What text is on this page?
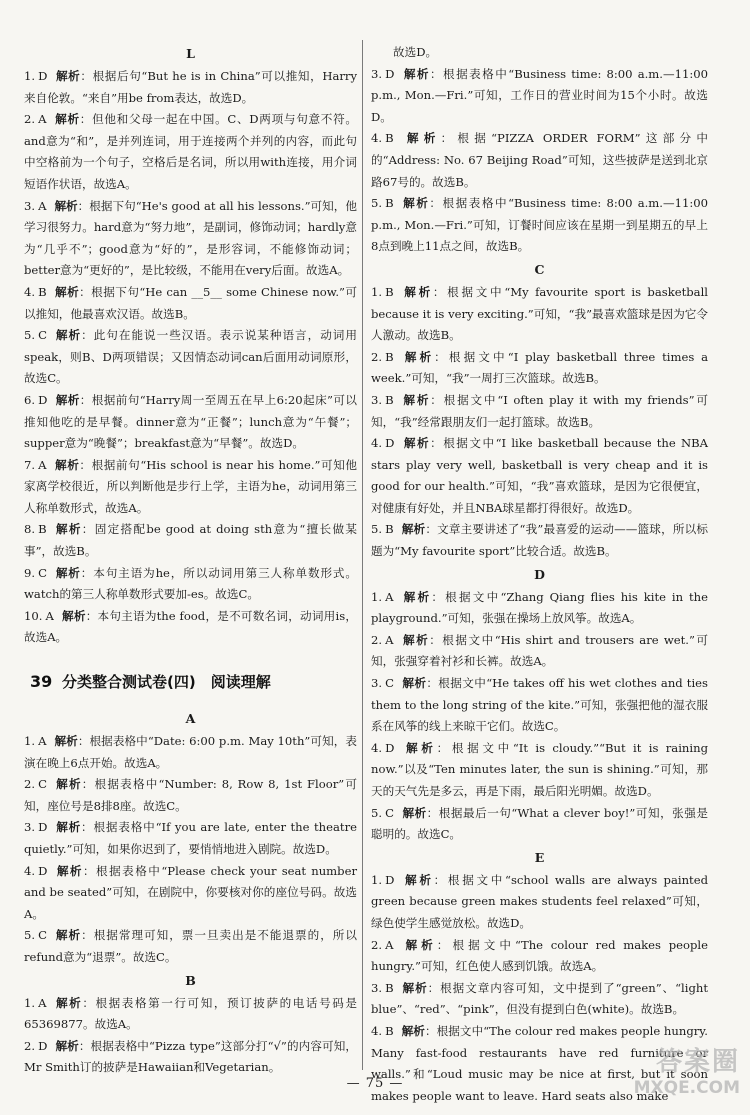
L

1. D 解析：根据后句“But he is in China”可以推知，Harry来自伦敦。“来自”用be from表达，故选D。

2. A 解析：但他和父母一起在中国。C、D两项与句意不符。and意为“和”，是并列连词，用于连接两个并列的内容，而此句中空格前为一个句子，空格后是名词，所以用with连接，用介词短语作状语，故选A。

3. A 解析：根据下句“He's good at all his lessons.”可知，他学习很努力。hard意为“努力地”，是副词，修饰动词；hardly意为“几乎不”；good意为“好的”，是形容词，不能修饰动词；better意为“更好的”，是比较级，不能用在very后面。故选A。

4. B 解析：根据下句“He can __5__ some Chinese now.”可以推知，他最喜欢汉语。故选B。

5. C 解析：此句在能说一些汉语。表示说某种语言，动词用speak，则B、D两项错误；又因情态动词can后面用动词原形，故选C。

6. D 解析：根据前句“Harry周一至周五在早上6:20起床”可以推知他吃的是早餐。dinner意为“正餐”；lunch意为“午餐”；supper意为“晚餐”；breakfast意为“早餐”。故选D。

7. A 解析：根据前句“His school is near his home.”可知他家离学校很近，所以判断他是步行上学，主语为he，动词用第三人称单数形式，故选A。

8. B 解析：固定搭配be good at doing sth意为“擅长做某事”，故选B。

9. C 解析：本句主语为he，所以动词用第三人称单数形式。watch的第三人称单数形式要加-es。故选C。

10. A 解析：本句主语为the food，是不可数名词，动词用is，故选A。

39 分类整合测试卷(四)　阅读理解
A

1. A 解析：根据表格中“Date: 6:00 p.m. May 10th”可知，表演在晚上6点开始。故选A。

2. C 解析：根据表格中“Number: 8, Row 8, 1st Floor”可知，座位号是8排8座。故选C。

3. D 解析：根据表格中“If you are late, enter the theatre quietly.”可知，如果你迟到了，要悄悄地进入剧院。故选D。

4. D 解析：根据表格中“Please check your seat number and be seated”可知，在剧院中，你要核对你的座位号码。故选A。

5. C 解析：根据常理可知，票一旦卖出是不能退票的，所以refund意为“退票”。故选C。

B

1. A 解析：根据表格第一行可知，预订披萨的电话号码是65369877。故选A。

2. D 解析：根据表格中“Pizza type”这部分打“√”的内容可知，Mr Smith订的披萨是Hawaiian和Vegetarian。

故选D。

3. D 解析：根据表格中“Business time: 8:00 a.m.—11:00 p.m., Mon.—Fri.”可知，工作日的营业时间为15个小时。故选D。

4. B 解析：根据“PIZZA ORDER FORM”这部分中的“Address: No. 67 Beijing Road”可知，这些披萨是送到北京路67号的。故选B。

5. B 解析：根据表格中“Business time: 8:00 a.m.—11:00 p.m., Mon.—Fri.”可知，订餐时间应该在星期一到星期五的早上8点到晚上11点之间，故选B。

C

1. B 解析：根据文中“My favourite sport is basketball because it is very exciting.”可知，“我”最喜欢篮球是因为它令人激动。故选B。

2. B 解析：根据文中“I play basketball three times a week.”可知，“我”一周打三次篮球。故选B。

3. B 解析：根据文中“I often play it with my friends”可知，“我”经常跟朋友们一起打篮球。故选B。

4. D 解析：根据文中“I like basketball because the NBA stars play very well, basketball is very cheap and it is good for our health.”可知，“我”喜欢篮球，是因为它很便宜，对健康有好处，并且NBA球星都打得很好。故选D。

5. B 解析：文章主要讲述了“我”最喜爱的运动——篮球，所以标题为“My favourite sport”比较合适。故选B。

D

1. A 解析：根据文中“Zhang Qiang flies his kite in the playground.”可知，张强在操场上放风筝。故选A。

2. A 解析：根据文中“His shirt and trousers are wet.”可知，张强穿着衬衫和长裤。故选A。

3. C 解析：根据文中“He takes off his wet clothes and ties them to the long string of the kite.”可知，张强把他的湿衣服系在风筝的线上来晾干它们。故选C。

4. D 解析：根据文中“It is cloudy.”“But it is raining now.”以及“Ten minutes later, the sun is shining.”可知，那天的天气先是多云，再是下雨，最后阳光明媚。故选D。

5. C 解析：根据最后一句“What a clever boy!”可知，张强是聪明的。故选C。

E

1. D 解析：根据文中“school walls are always painted green because green makes students feel relaxed”可知，绿色使学生感觉放松。故选D。

2. A 解析：根据文中“The colour red makes people hungry.”可知，红色使人感到饥饿。故选A。

3. B 解析：根据文章内容可知，文中提到了“green”、“light blue”、“red”、“pink”，但没有提到白色(white)。故选B。

4. B 解析：根据文中“The colour red makes people hungry. Many fast-food restaurants have red furniture or walls.”和“Loud music may be nice at first, but it soon makes people want to leave. Hard seats also make

— 75 —
答案圈
MXQE.COM
